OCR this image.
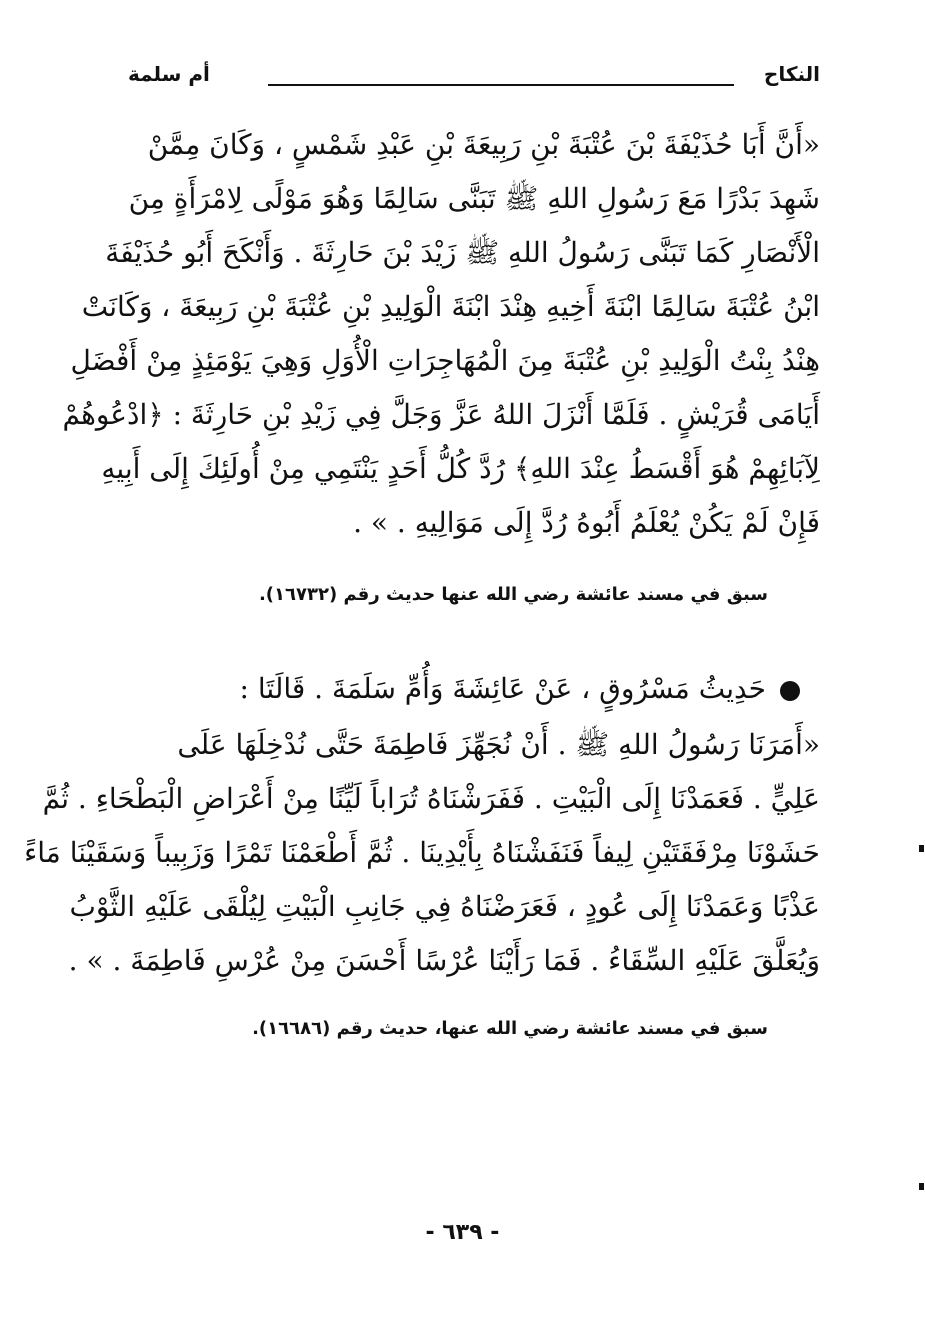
النكاح
أم سلمة
«أَنَّ أَبَا حُذَيْفَةَ بْنَ عُتْبَةَ بْنِ رَبِيعَةَ بْنِ عَبْدِ شَمْسٍ ، وَكَانَ مِمَّنْ
شَهِدَ بَدْرًا مَعَ رَسُولِ اللهِ ﷺ تَبَنَّى سَالِمًا وَهُوَ مَوْلًى لِامْرَأَةٍ مِنَ
الْأَنْصَارِ كَمَا تَبَنَّى رَسُولُ اللهِ ﷺ زَيْدَ بْنَ حَارِثَةَ . وَأَنْكَحَ أَبُو حُذَيْفَةَ
ابْنُ عُتْبَةَ سَالِمًا ابْنَةَ أَخِيهِ هِنْدَ ابْنَةَ الْوَلِيدِ بْنِ عُتْبَةَ بْنِ رَبِيعَةَ ، وَكَانَتْ
هِنْدُ بِنْتُ الْوَلِيدِ بْنِ عُتْبَةَ مِنَ الْمُهَاجِرَاتِ الْأُوَلِ وَهِيَ يَوْمَئِذٍ مِنْ أَفْضَلِ
أَيَامَى قُرَيْشٍ . فَلَمَّا أَنْزَلَ اللهُ عَزَّ وَجَلَّ فِي زَيْدِ بْنِ حَارِثَةَ : ﴿ادْعُوهُمْ
لِآبَائِهِمْ هُوَ أَقْسَطُ عِنْدَ اللهِ﴾ رُدَّ كُلُّ أَحَدٍ يَنْتَمِي مِنْ أُولَئِكَ إِلَى أَبِيهِ
فَإِنْ لَمْ يَكُنْ يُعْلَمُ أَبُوهُ رُدَّ إِلَى مَوَالِيهِ . » .
سبق في مسند عائشة رضي الله عنها حديث رقم (١٦٧٣٢).
حَدِيثُ مَسْرُوقٍ ، عَنْ عَائِشَةَ وَأُمِّ سَلَمَةَ . قَالَتَا :
«أَمَرَنَا رَسُولُ اللهِ ﷺ . أَنْ نُجَهِّزَ فَاطِمَةَ حَتَّى نُدْخِلَهَا عَلَى
عَلِيٍّ . فَعَمَدْنَا إِلَى الْبَيْتِ . فَفَرَشْنَاهُ تُرَاباً لَيِّنًا مِنْ أَعْرَاضِ الْبَطْحَاءِ . ثُمَّ
حَشَوْنَا مِرْفَقَتَيْنِ لِيفاً فَنَفَشْنَاهُ بِأَيْدِينَا . ثُمَّ أَطْعَمْنَا تَمْرًا وَزَبِيباً وَسَقَيْنَا مَاءً
عَذْبًا وَعَمَدْنَا إِلَى عُودٍ ، فَعَرَضْنَاهُ فِي جَانِبِ الْبَيْتِ لِيُلْقَى عَلَيْهِ الثَّوْبُ
وَيُعَلَّقَ عَلَيْهِ السِّقَاءُ . فَمَا رَأَيْنَا عُرْسًا أَحْسَنَ مِنْ عُرْسِ فَاطِمَةَ . » .
سبق في مسند عائشة رضي الله عنها، حديث رقم (١٦٦٨٦).
- ٦٣٩ -
